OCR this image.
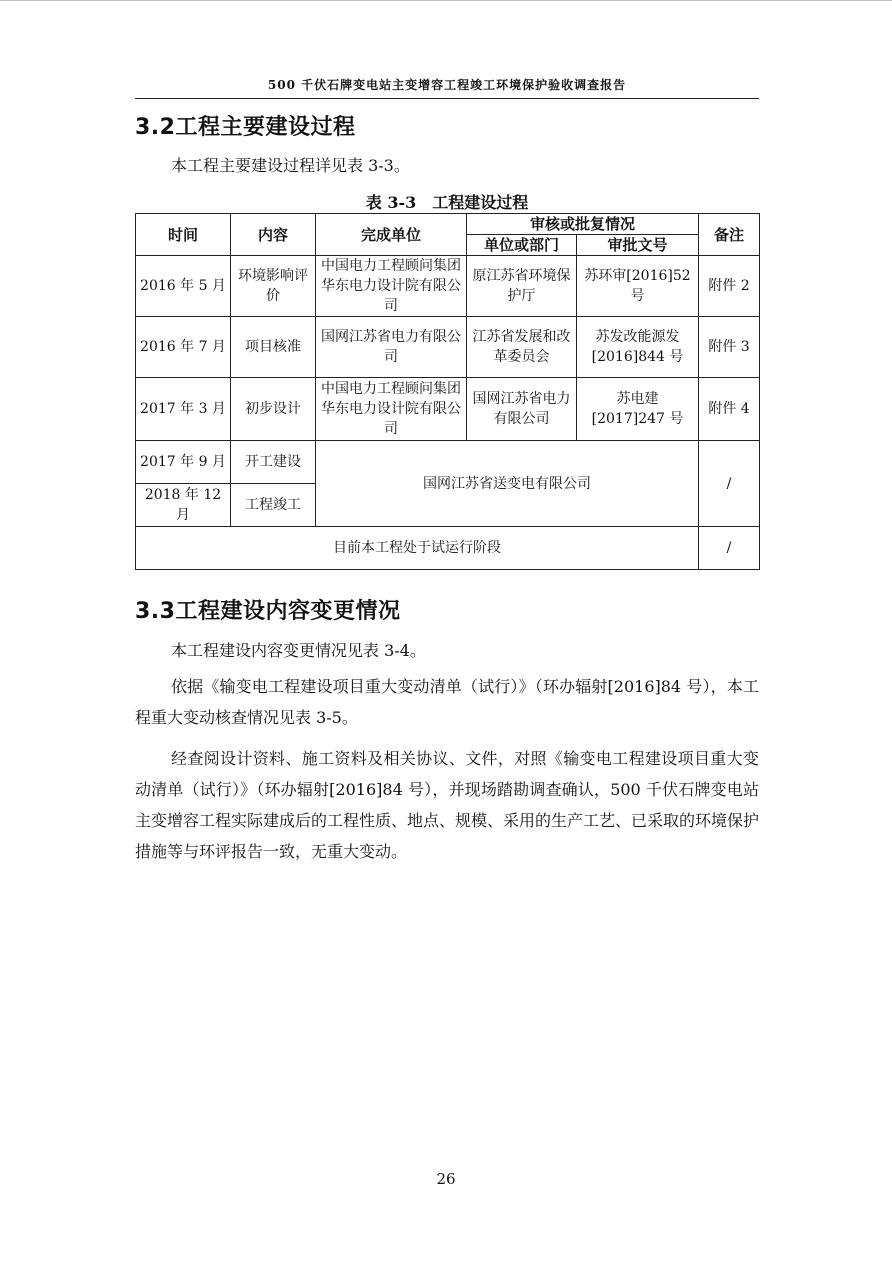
500 千伏石牌变电站主变增容工程竣工环境保护验收调查报告
3.2工程主要建设过程
本工程主要建设过程详见表 3-3。
表 3-3　工程建设过程
时间	内容	完成单位	审核或批复情况		备注
			单位或部门	审批文号	
2016 年 5 月	环境影响评价	中国电力工程顾问集团华东电力设计院有限公司	原江苏省环境保护厅	苏环审[2016]52 号	附件 2
2016 年 7 月	项目核准	国网江苏省电力有限公司	江苏省发展和改革委员会	苏发改能源发[2016]844 号	附件 3
2017 年 3 月	初步设计	中国电力工程顾问集团华东电力设计院有限公司	国网江苏省电力有限公司	苏电建[2017]247 号	附件 4
2017 年 9 月	开工建设	国网江苏省送变电有限公司			/
2018 年 12 月	工程竣工				
目前本工程处于试运行阶段					/
3.3工程建设内容变更情况
本工程建设内容变更情况见表 3-4。
依据《输变电工程建设项目重大变动清单（试行）》（环办辐射[2016]84 号），本工程重大变动核查情况见表 3-5。
经查阅设计资料、施工资料及相关协议、文件，对照《输变电工程建设项目重大变动清单（试行）》（环办辐射[2016]84 号），并现场踏勘调查确认，500 千伏石牌变电站主变增容工程实际建成后的工程性质、地点、规模、采用的生产工艺、已采取的环境保护措施等与环评报告一致，无重大变动。
26
